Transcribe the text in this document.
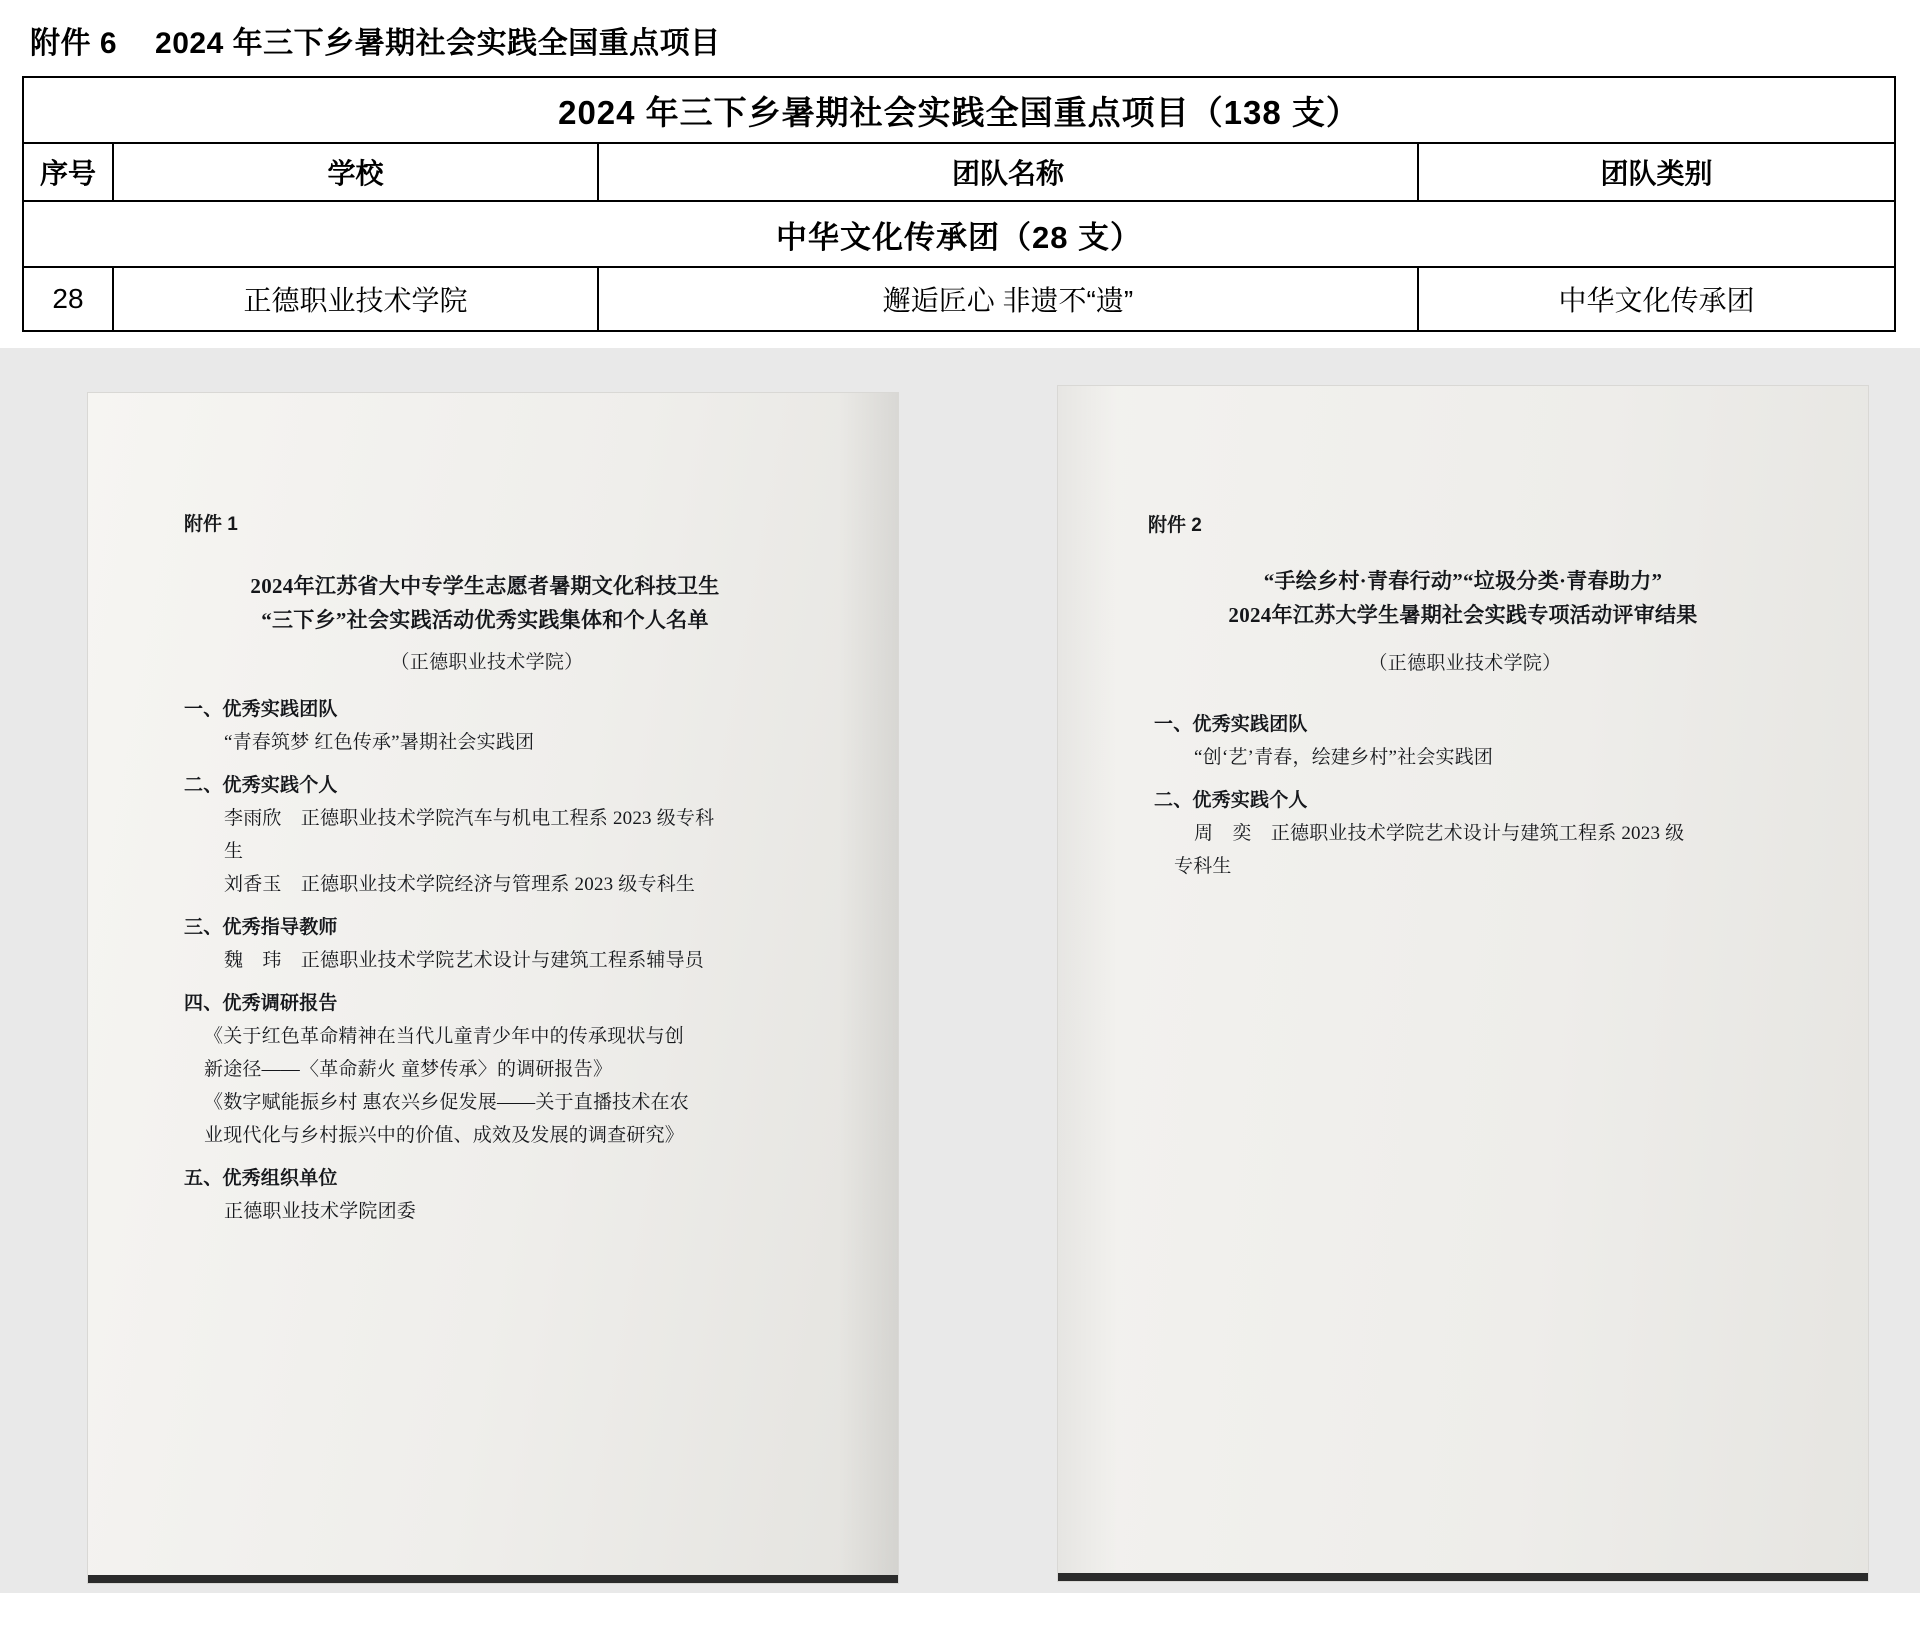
附件 6 2024 年三下乡暑期社会实践全国重点项目
2024 年三下乡暑期社会实践全国重点项目（138 支）			
序号	学校	团队名称	团队类别
中华文化传承团（28 支）			
28	正德职业技术学院	邂逅匠心 非遗不“遗”	中华文化传承团
附件 1
2024年江苏省大中专学生志愿者暑期文化科技卫生
“三下乡”社会实践活动优秀实践集体和个人名单
（正德职业技术学院）
一、优秀实践团队
“青春筑梦 红色传承”暑期社会实践团
二、优秀实践个人
李雨欣　正德职业技术学院汽车与机电工程系 2023 级专科
生
刘香玉　正德职业技术学院经济与管理系 2023 级专科生
三、优秀指导教师
魏　玮　正德职业技术学院艺术设计与建筑工程系辅导员
四、优秀调研报告
《关于红色革命精神在当代儿童青少年中的传承现状与创
新途径——〈革命薪火 童梦传承〉的调研报告》
《数字赋能振乡村 惠农兴乡促发展——关于直播技术在农
业现代化与乡村振兴中的价值、成效及发展的调查研究》
五、优秀组织单位
正德职业技术学院团委
附件 2
“手绘乡村·青春行动”“垃圾分类·青春助力”
2024年江苏大学生暑期社会实践专项活动评审结果
（正德职业技术学院）
一、优秀实践团队
“创‘艺’青春，绘建乡村”社会实践团
二、优秀实践个人
周　奕　正德职业技术学院艺术设计与建筑工程系 2023 级
专科生
